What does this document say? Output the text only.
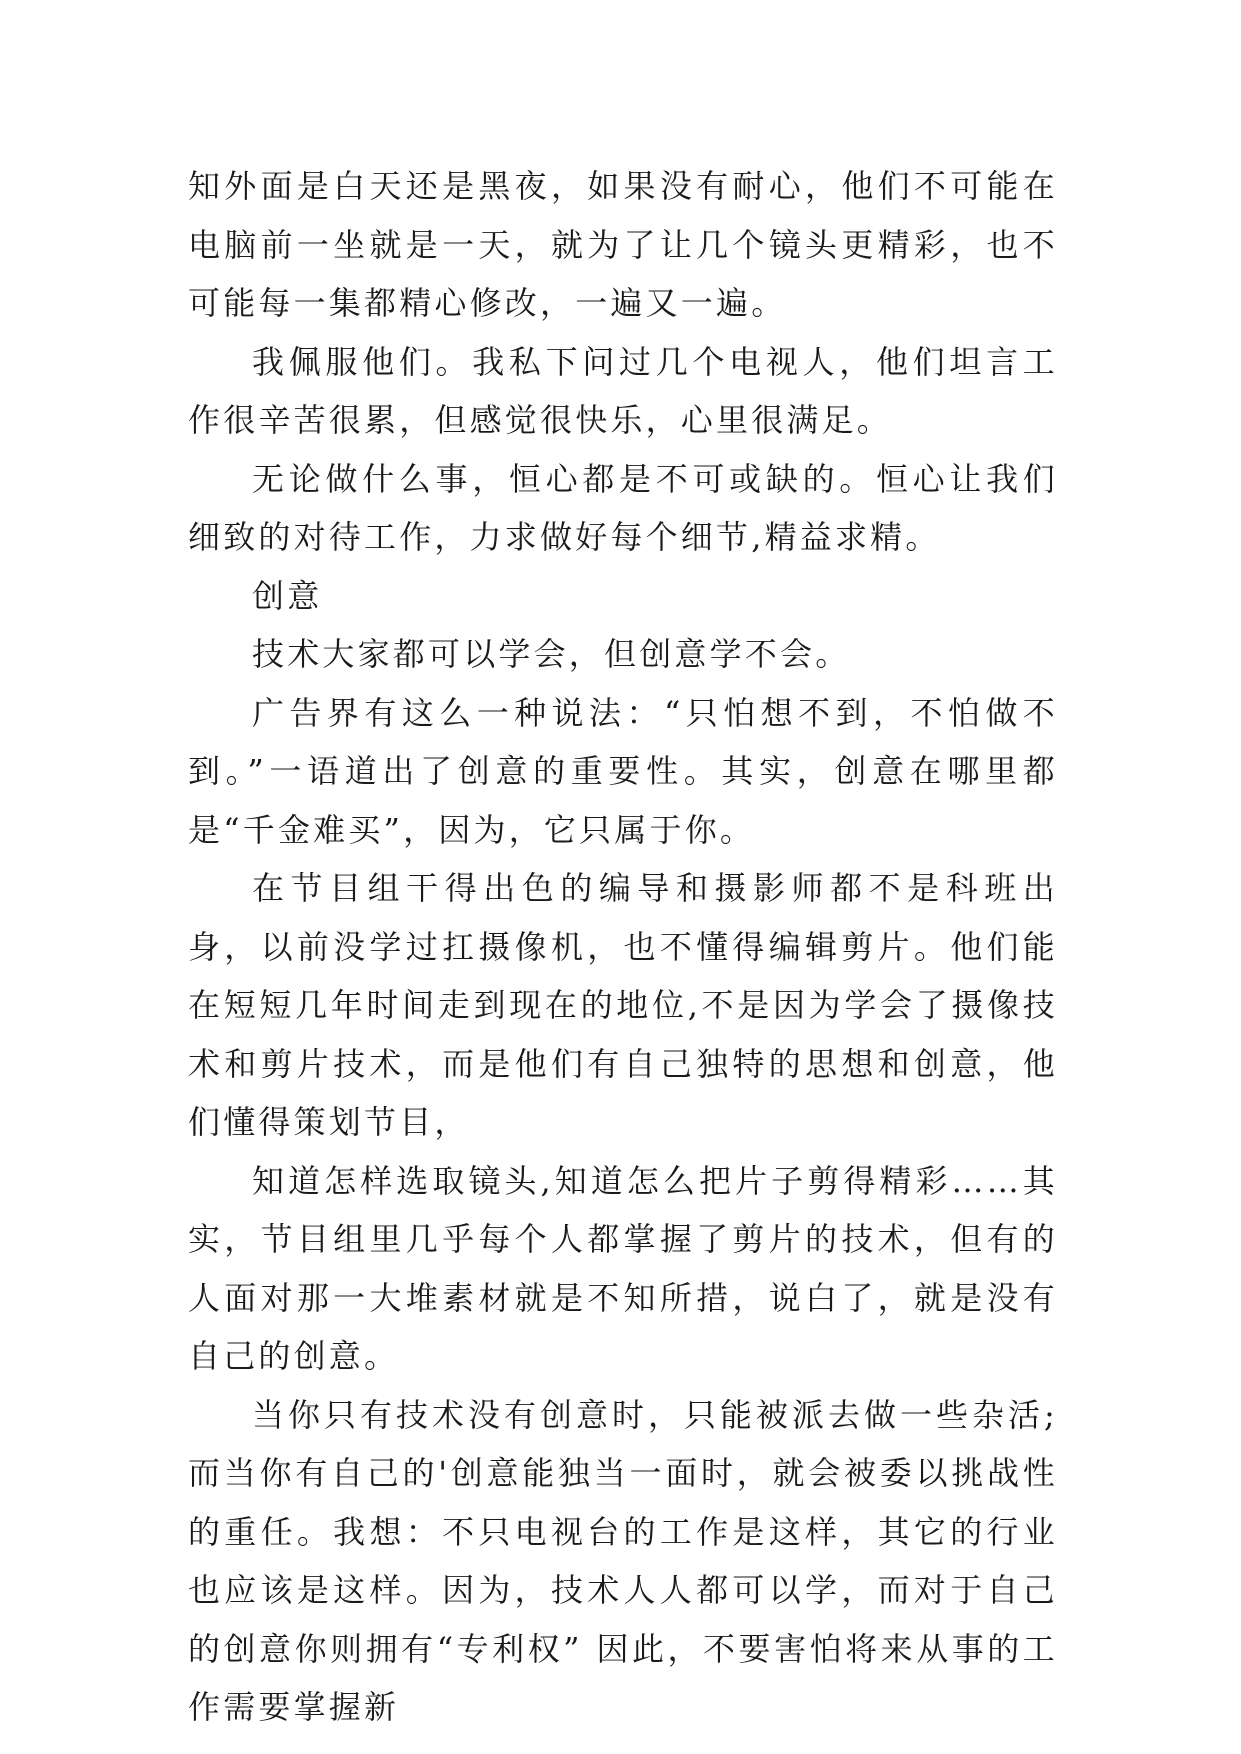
知外面是白天还是黑夜，如果没有耐心，他们不可能在电脑前一坐就是一天，就为了让几个镜头更精彩，也不可能每一集都精心修改，一遍又一遍。

我佩服他们。我私下问过几个电视人，他们坦言工作很辛苦很累，但感觉很快乐，心里很满足。

无论做什么事，恒心都是不可或缺的。恒心让我们细致的对待工作，力求做好每个细节,精益求精。

创意

技术大家都可以学会，但创意学不会。

广告界有这么一种说法：“只怕想不到，不怕做不到。”一语道出了创意的重要性。其实，创意在哪里都是“千金难买”，因为，它只属于你。

在节目组干得出色的编导和摄影师都不是科班出身，以前没学过扛摄像机，也不懂得编辑剪片。他们能在短短几年时间走到现在的地位,不是因为学会了摄像技术和剪片技术，而是他们有自己独特的思想和创意，他们懂得策划节目，

知道怎样选取镜头,知道怎么把片子剪得精彩……其实，节目组里几乎每个人都掌握了剪片的技术，但有的人面对那一大堆素材就是不知所措，说白了，就是没有自己的创意。

当你只有技术没有创意时，只能被派去做一些杂活;而当你有自己的'创意能独当一面时，就会被委以挑战性的重任。我想：不只电视台的工作是这样，其它的行业也应该是这样。因为，技术人人都可以学，而对于自己的创意你则拥有“专利权” 因此，不要害怕将来从事的工作需要掌握新
